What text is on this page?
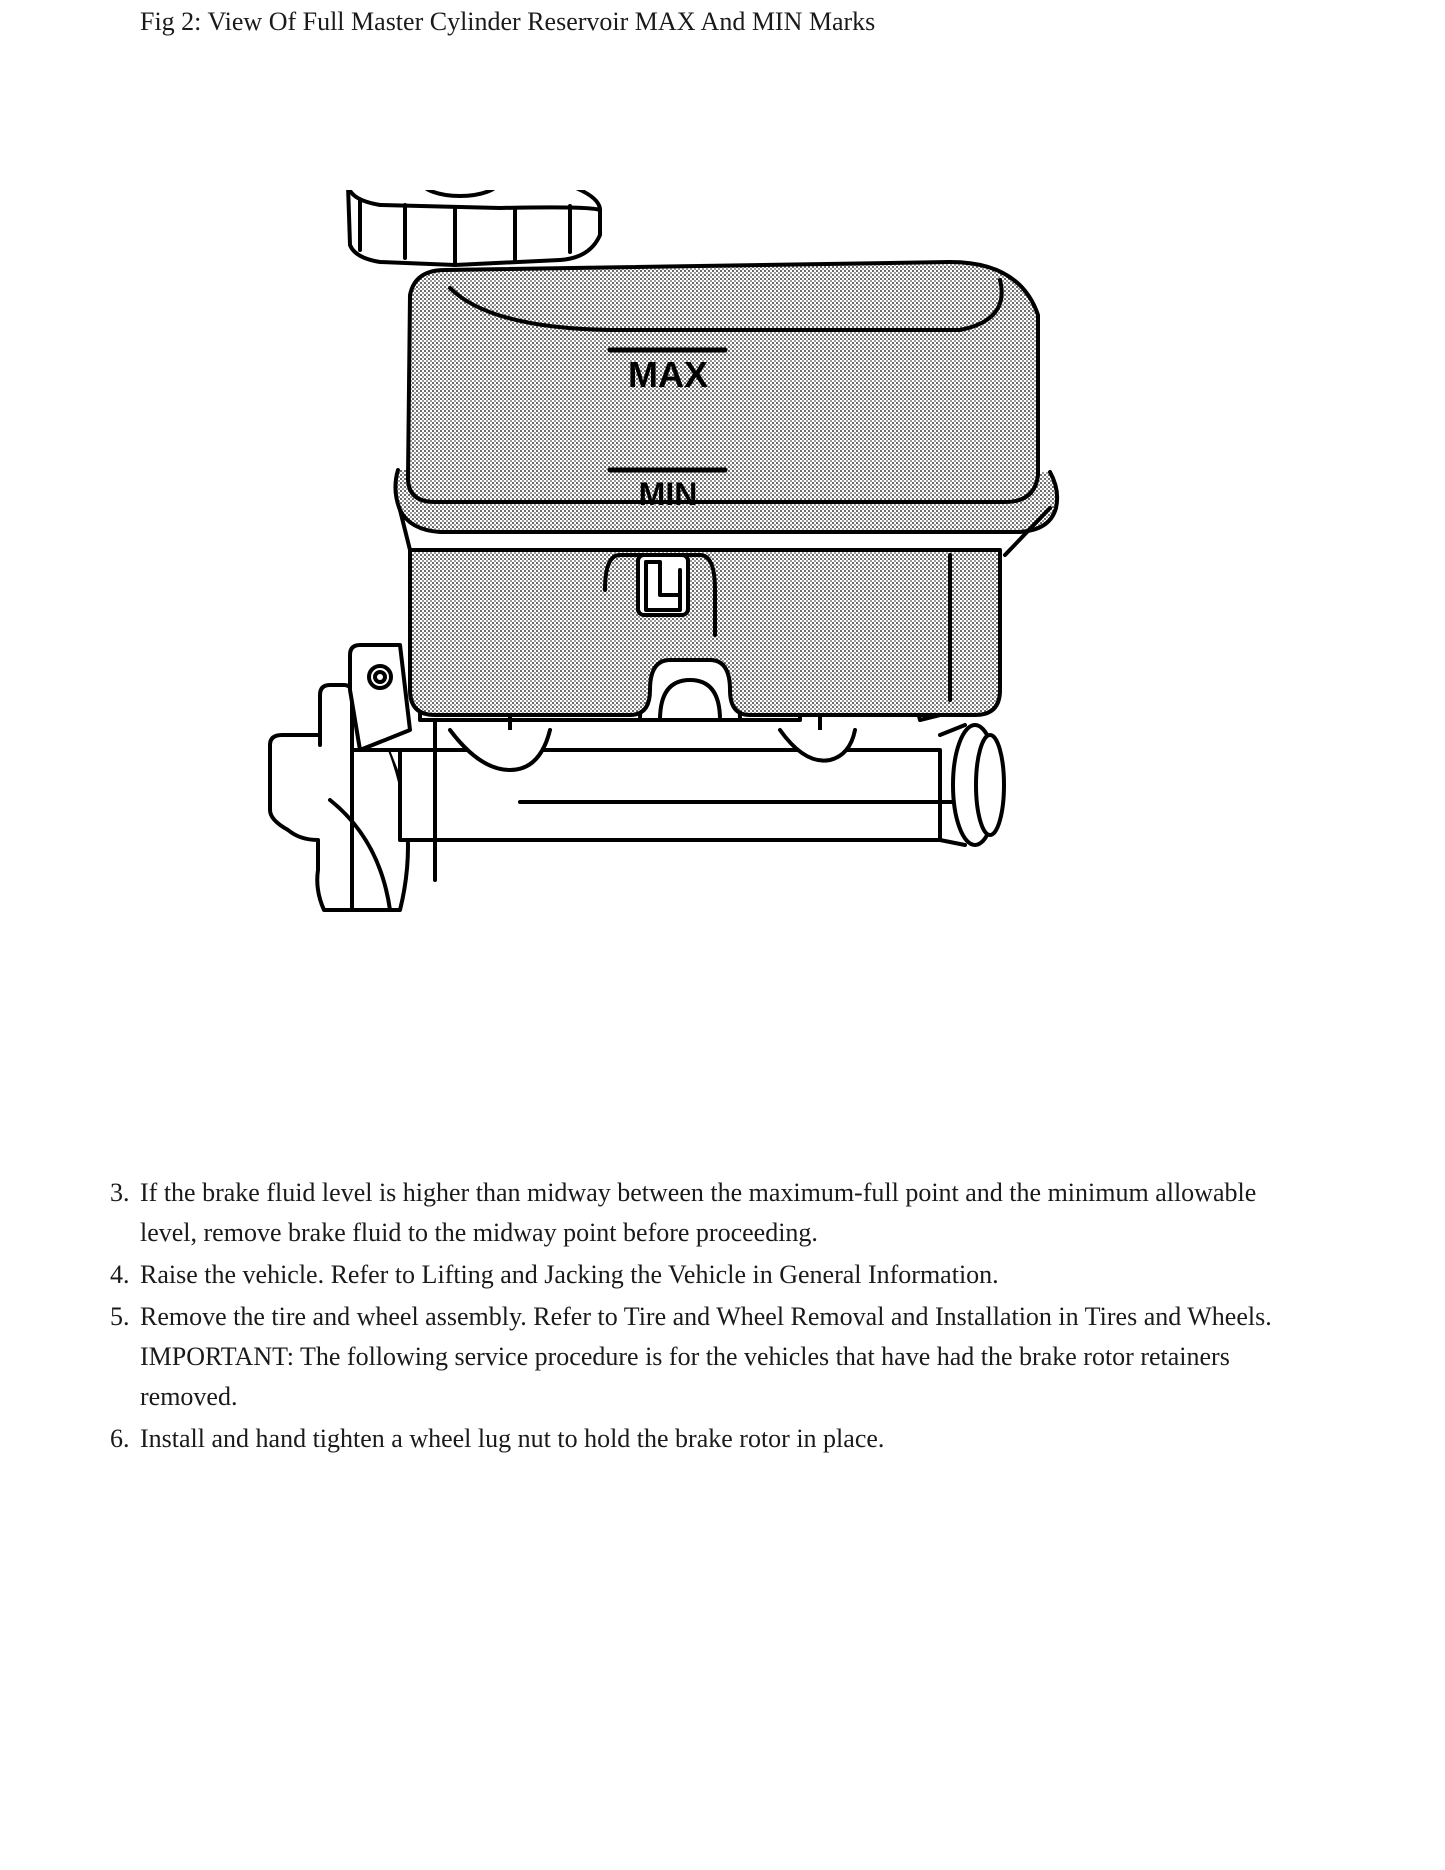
Fig 2: View Of Full Master Cylinder Reservoir MAX And MIN Marks

MAX
MIN
3. If the brake fluid level is higher than midway between the maximum-full point and the minimum allowable
level, remove brake fluid to the midway point before proceeding.
4. Raise the vehicle. Refer to Lifting and Jacking the Vehicle in General Information.
5. Remove the tire and wheel assembly. Refer to Tire and Wheel Removal and Installation in Tires and Wheels.
IMPORTANT: The following service procedure is for the vehicles that have had the brake rotor retainers
removed.
6. Install and hand tighten a wheel lug nut to hold the brake rotor in place.
